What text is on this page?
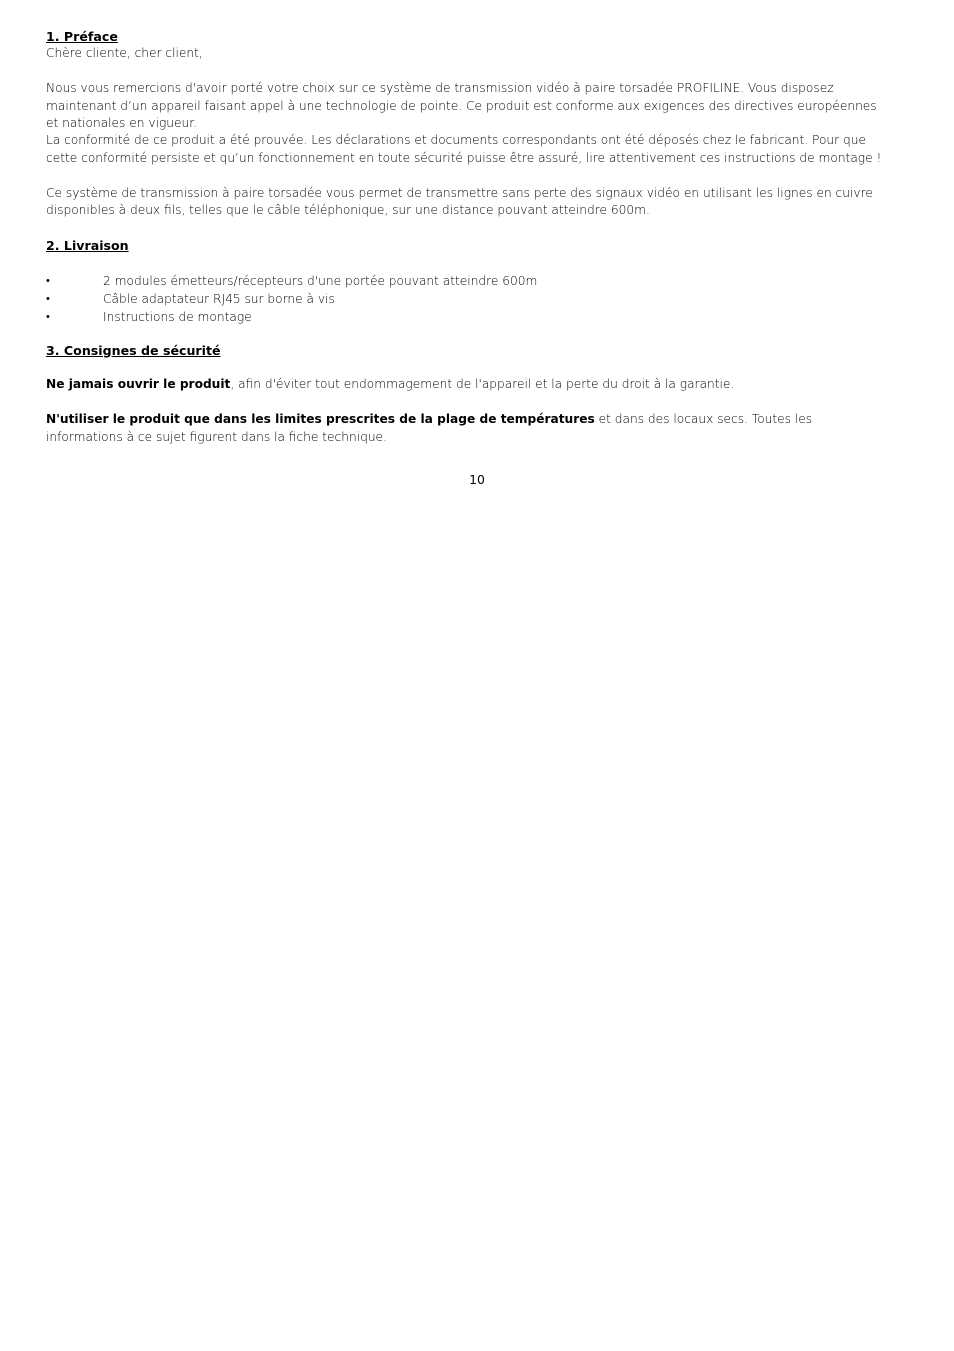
1. Préface

Chère cliente, cher client,

Nous vous remercions d'avoir porté votre choix sur ce système de transmission vidéo à paire torsadée PROFILINE. Vous disposez maintenant d’un appareil faisant appel à une technologie de pointe. Ce produit est conforme aux exigences des directives européennes et nationales en vigueur.

La conformité de ce produit a été prouvée. Les déclarations et documents correspondants ont été déposés chez le fabricant. Pour que cette conformité persiste et qu’un fonctionnement en toute sécurité puisse être assuré, lire attentivement ces instructions de montage !

Ce système de transmission à paire torsadée vous permet de transmettre sans perte des signaux vidéo en utilisant les lignes en cuivre disponibles à deux fils, telles que le câble téléphonique, sur une distance pouvant atteindre 600m.

2. Livraison

•	2 modules émetteurs/récepteurs d'une portée pouvant atteindre 600m
•	Câble adaptateur RJ45 sur borne à vis
•	Instructions de montage

3. Consignes de sécurité

Ne jamais ouvrir le produit, afin d'éviter tout endommagement de l'appareil et la perte du droit à la garantie.

N'utiliser le produit que dans les limites prescrites de la plage de températures et dans des locaux secs. Toutes les informations à ce sujet figurent dans la fiche technique.

10
